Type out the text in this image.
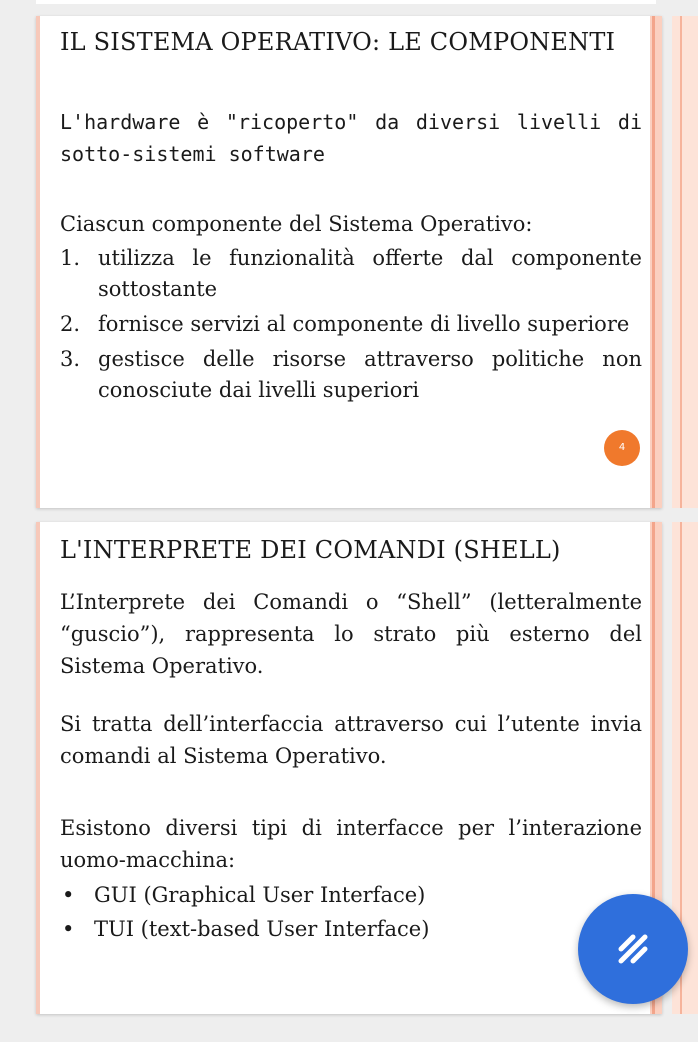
IL SISTEMA OPERATIVO: LE COMPONENTI

L'hardware è "ricoperto" da diversi livelli di sotto-sistemi software

Ciascun componente del Sistema Operativo:

1. utilizza le funzionalità offerte dal componente sottostante
2. fornisce servizi al componente di livello superiore
3. gestisce delle risorse attraverso politiche non conosciute dai livelli superiori
4
L'INTERPRETE DEI COMANDI (SHELL)

L’Interprete dei Comandi o “Shell” (letteralmente “guscio”), rappresenta lo strato più esterno del Sistema Operativo.

Si tratta dell’interfaccia attraverso cui l’utente invia comandi al Sistema Operativo.

Esistono diversi tipi di interfacce per l’interazione uomo-macchina:

• GUI (Graphical User Interface)
• TUI (text-based User Interface)
